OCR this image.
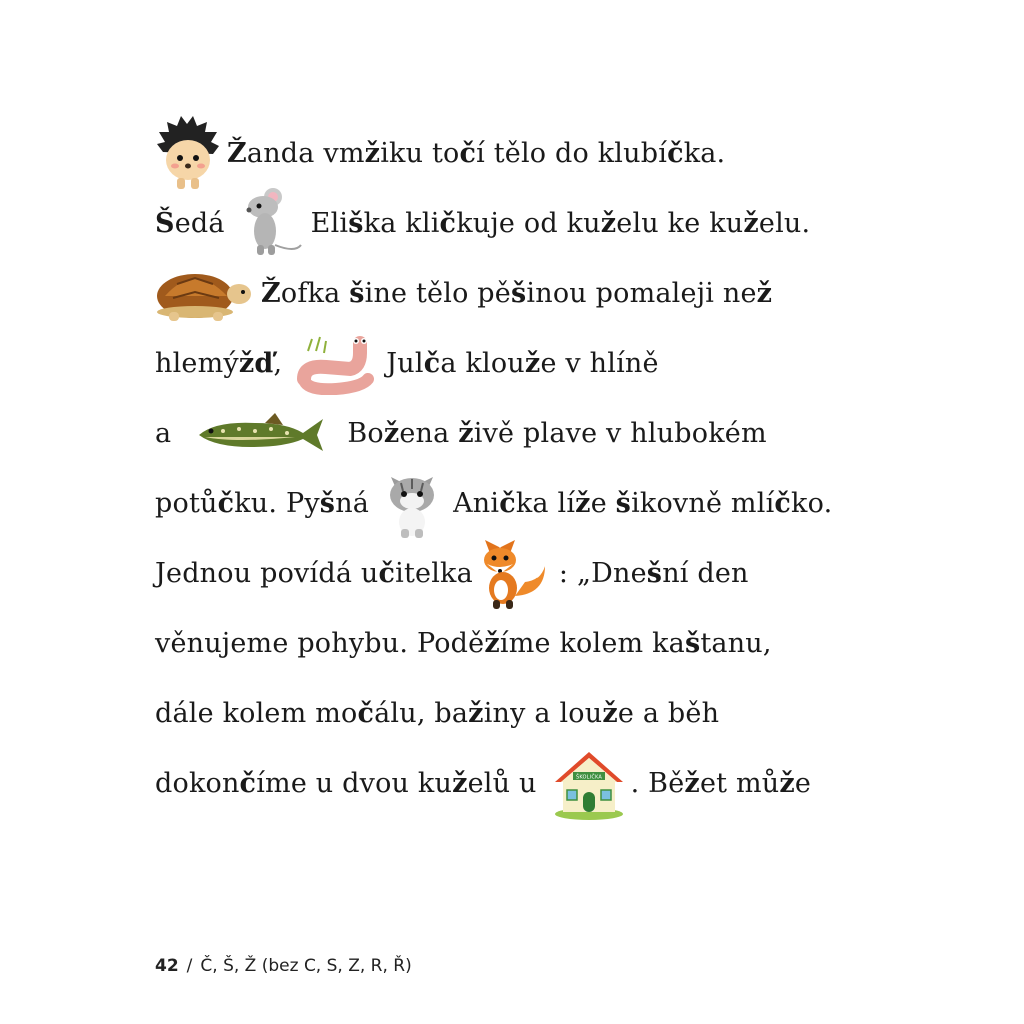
Žanda vmžiku točí tělo do klubíčka.
Šedá	Eliška kličkuje od kuželu ke kuželu.
Žofka šine tělo pěšinou pomaleji než
hlemýžď,	Julča klouže v hlíně
a	Božena živě plave v hlubokém
potůčku. Pyšná	Anička líže šikovně mlíčko.
Jednou povídá učitelka	: „Dnešní den
věnujeme pohybu. Poděžíme kolem kaštanu,
dále kolem močálu, bažiny a louže a běh
dokončíme u dvou kuželů u	ŠKOLIČKA . Běžet může
42 / Č, Š, Ž (bez C, S, Z, R, Ř)
